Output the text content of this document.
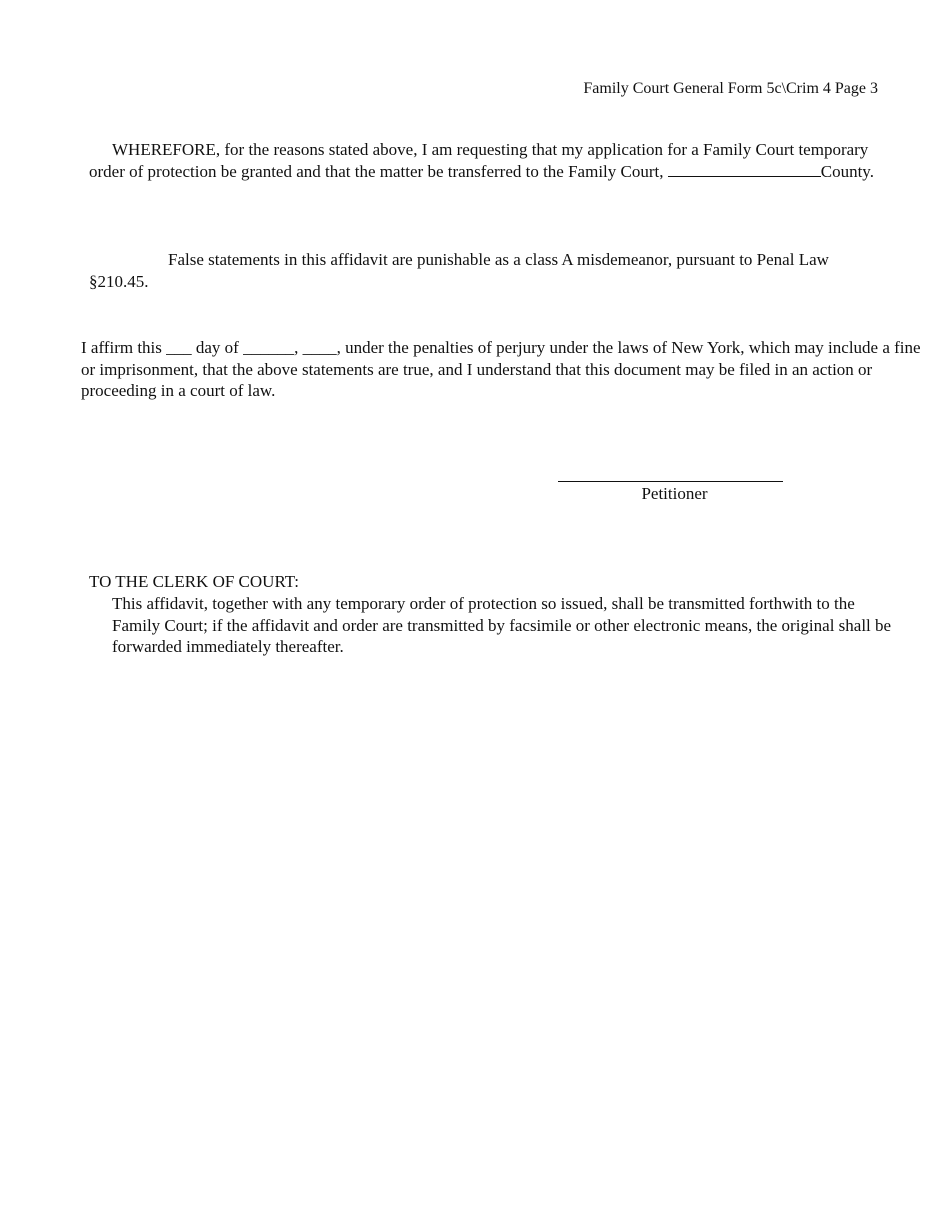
Family Court General Form 5c\Crim 4 Page 3

WHEREFORE, for the reasons stated above, I am requesting that my application for a Family Court temporary order of protection be granted and that the matter be transferred to the Family Court,	County.

False statements in this affidavit are punishable as a class A misdemeanor, pursuant to Penal Law §210.45.

I affirm this ___ day of ______, ____, under the penalties of perjury under the laws of New York, which may include a fine or imprisonment, that the above statements are true, and I understand that this document may be filed in an action or proceeding in a court of law.

Petitioner
TO THE CLERK OF COURT:

This affidavit, together with any temporary order of protection so issued, shall be transmitted forthwith to the Family Court; if the affidavit and order are transmitted by facsimile or other electronic means, the original shall be forwarded immediately thereafter.
